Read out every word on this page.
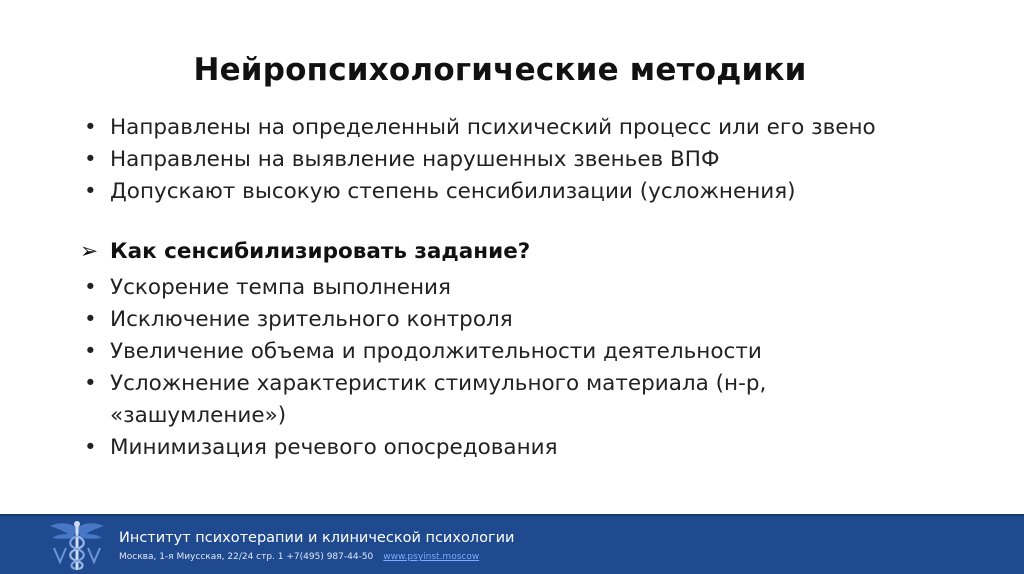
Нейропсихологические методики
• Направлены на определенный психический процесс или его звено
• Направлены на выявление нарушенных звеньев ВПФ
• Допускают высокую степень сенсибилизации (усложнения)
➢ Как сенсибилизировать задание?
• Ускорение темпа выполнения
• Исключение зрительного контроля
• Увеличение объема и продолжительности деятельности
• Усложнение характеристик стимульного материала (н-р, «зашумление»)
• Минимизация речевого опосредования
Институт психотерапии и клинической психологии
Москва, 1-я Миусская, 22/24 стр. 1 +7(495) 987-44-50 www.psyinst.moscow
